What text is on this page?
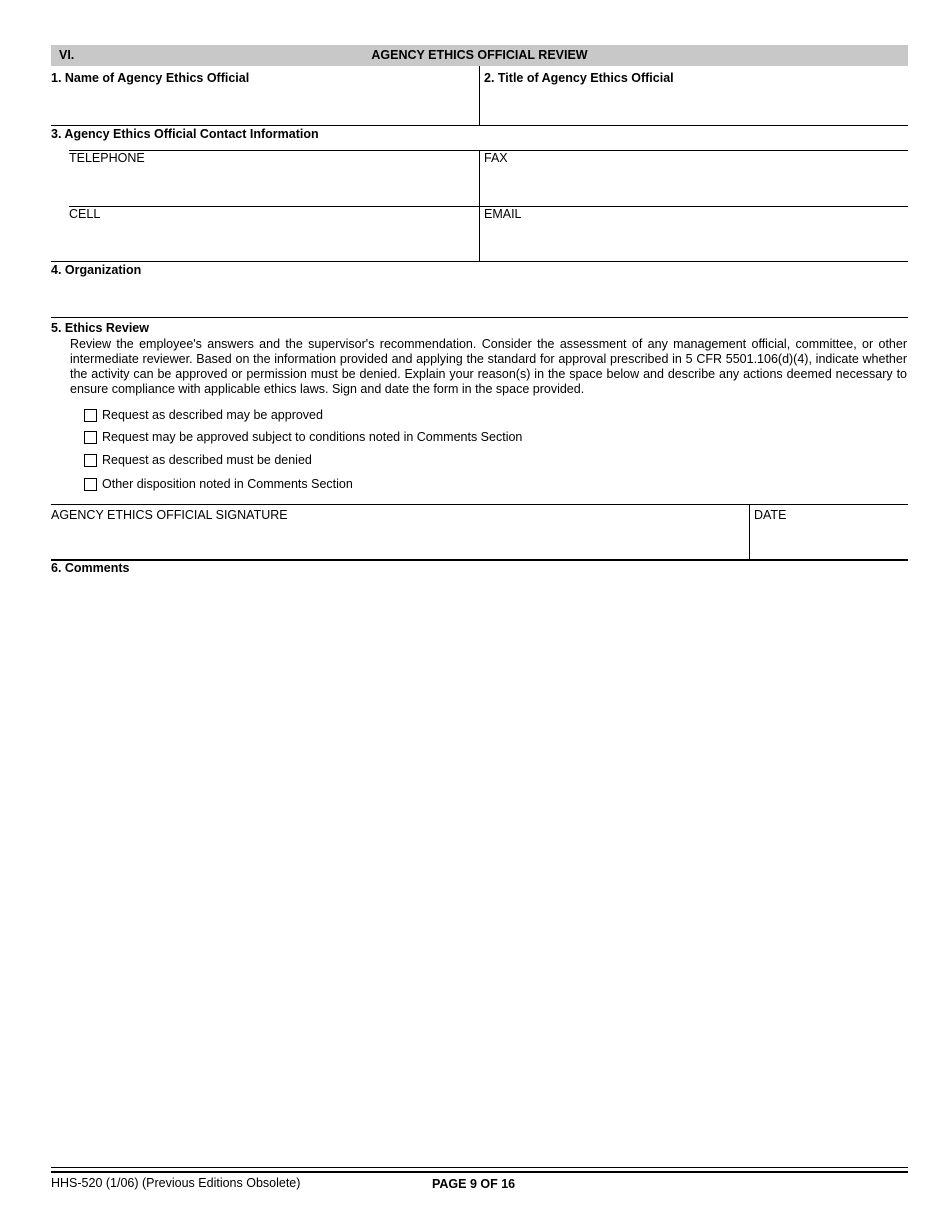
VI.	AGENCY ETHICS OFFICIAL REVIEW
1. Name of Agency Ethics Official	2. Title of Agency Ethics Official
3. Agency Ethics Official Contact Information
TELEPHONE	FAX
CELL	EMAIL
4. Organization
5. Ethics Review
Review the employee's answers and the supervisor's recommendation. Consider the assessment of any management official, committee, or other intermediate reviewer. Based on the information provided and applying the standard for approval prescribed in 5 CFR 5501.106(d)(4), indicate whether the activity can be approved or permission must be denied. Explain your reason(s) in the space below and describe any actions deemed necessary to ensure compliance with applicable ethics laws. Sign and date the form in the space provided.
Request as described may be approved
Request may be approved subject to conditions noted in Comments Section
Request as described must be denied
Other disposition noted in Comments Section
AGENCY ETHICS OFFICIAL SIGNATURE	DATE
6. Comments
HHS-520 (1/06) (Previous Editions Obsolete)	PAGE 9 OF 16
